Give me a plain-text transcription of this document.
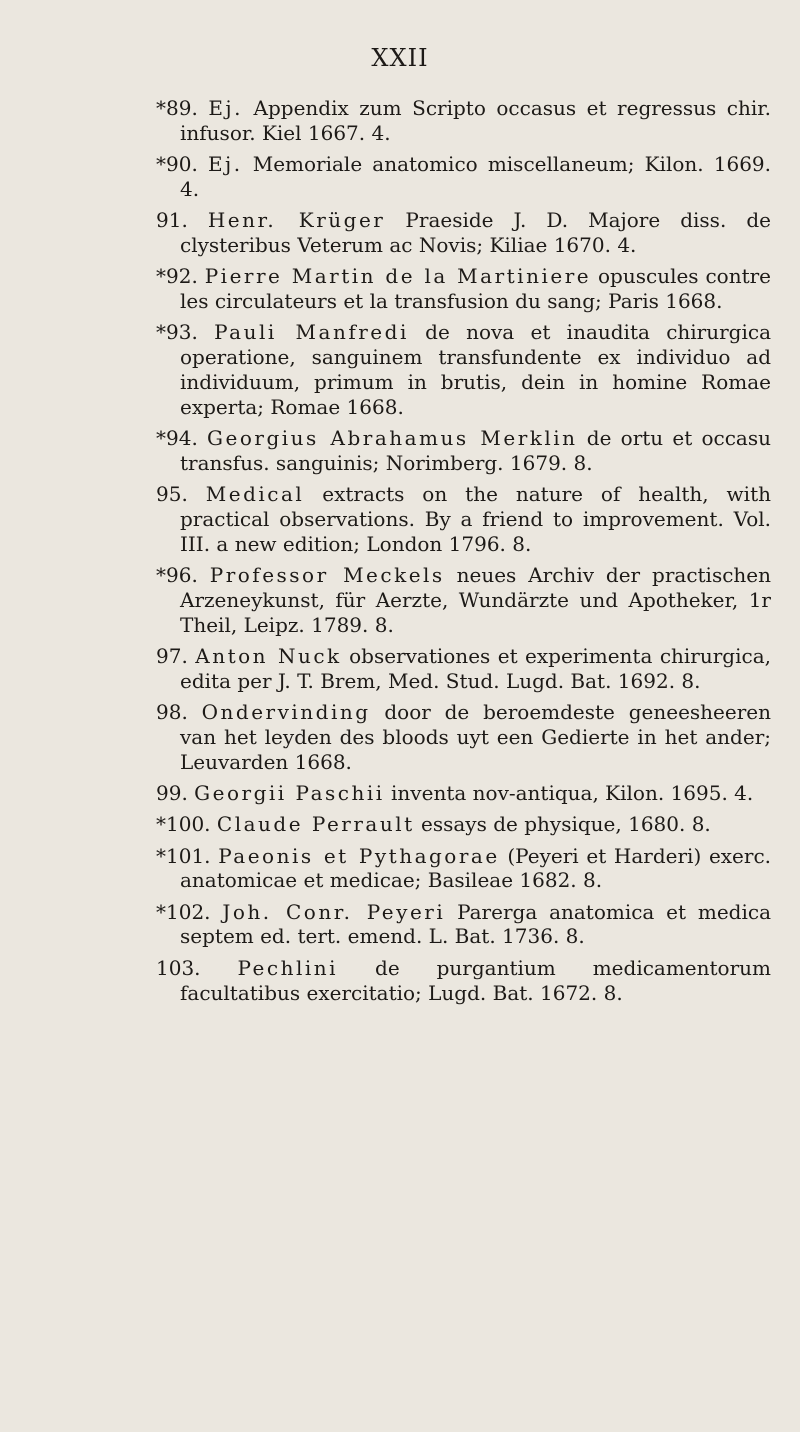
XXII

*89. Ej. Appendix zum Scripto occasus et regressus chir. infusor. Kiel 1667. 4.

*90. Ej. Memoriale anatomico miscellaneum; Kilon. 1669. 4.

91. Henr. Krüger Praeside J. D. Majore diss. de clysteribus Veterum ac Novis; Kiliae 1670. 4.

*92. Pierre Martin de la Martiniere opuscules contre les circulateurs et la transfusion du sang; Paris 1668.

*93. Pauli Manfredi de nova et inaudita chirurgica operatione, sanguinem transfundente ex individuo ad individuum, primum in brutis, dein in homine Romae experta; Romae 1668.

*94. Georgius Abrahamus Merklin de ortu et occasu transfus. sanguinis; Norimberg. 1679. 8.

95. Medical extracts on the nature of health, with practical observations. By a friend to improvement. Vol. III. a new edition; London 1796. 8.

*96. Professor Meckels neues Archiv der practischen Arzeneykunst, für Aerzte, Wundärzte und Apotheker, 1r Theil, Leipz. 1789. 8.

97. Anton Nuck observationes et experimenta chirurgica, edita per J. T. Brem, Med. Stud. Lugd. Bat. 1692. 8.

98. Ondervinding door de beroemdeste geneesheeren van het leyden des bloods uyt een Gedierte in het ander; Leuvarden 1668.

99. Georgii Paschii inventa nov-antiqua, Kilon. 1695. 4.

*100. Claude Perrault essays de physique, 1680. 8.

*101. Paeonis et Pythagorae (Peyeri et Harderi) exerc. anatomicae et medicae; Basileae 1682. 8.

*102. Joh. Conr. Peyeri Parerga anatomica et medica septem ed. tert. emend. L. Bat. 1736. 8.

103. Pechlini de purgantium medicamentorum facultatibus exercitatio; Lugd. Bat. 1672. 8.
